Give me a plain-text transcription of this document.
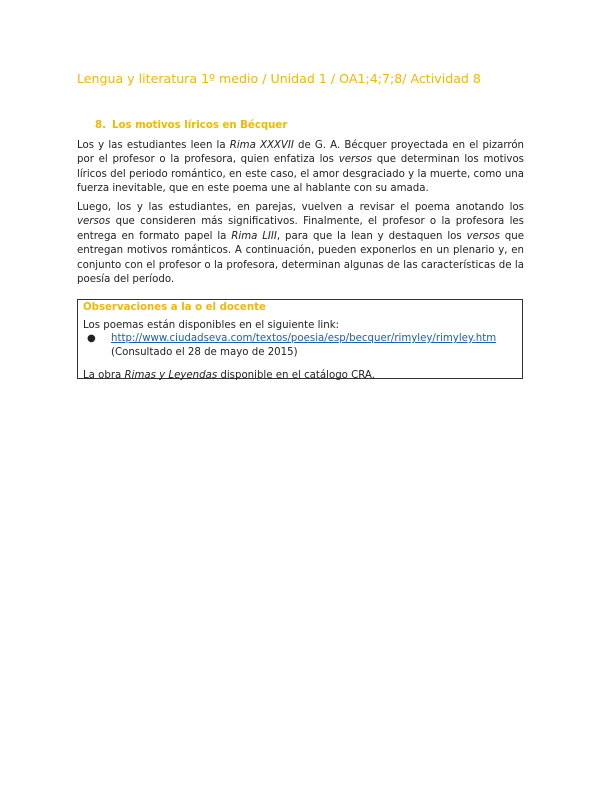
Lengua y literatura 1º medio / Unidad 1 / OA1;4;7;8/ Actividad 8
8. Los motivos líricos en Bécquer

Los y las estudiantes leen la Rima XXXVII de G. A. Bécquer proyectada en el pizarrón por el profesor o la profesora, quien enfatiza los versos que determinan los motivos líricos del periodo romántico, en este caso, el amor desgraciado y la muerte, como una fuerza inevitable, que en este poema une al hablante con su amada.

Luego, los y las estudiantes, en parejas, vuelven a revisar el poema anotando los versos que consideren más significativos. Finalmente, el profesor o la profesora les entrega en formato papel la Rima LIII, para que la lean y destaquen los versos que entregan motivos románticos. A continuación, pueden exponerlos en un plenario y, en conjunto con el profesor o la profesora, determinan algunas de las características de la poesía del período.

Observaciones a la o el docente
Los poemas están disponibles en el siguiente link:
● http://www.ciudadseva.com/textos/poesia/esp/becquer/rimyley/rimyley.htm
(Consultado el 28 de mayo de 2015)
La obra Rimas y Leyendas disponible en el catálogo CRA.
